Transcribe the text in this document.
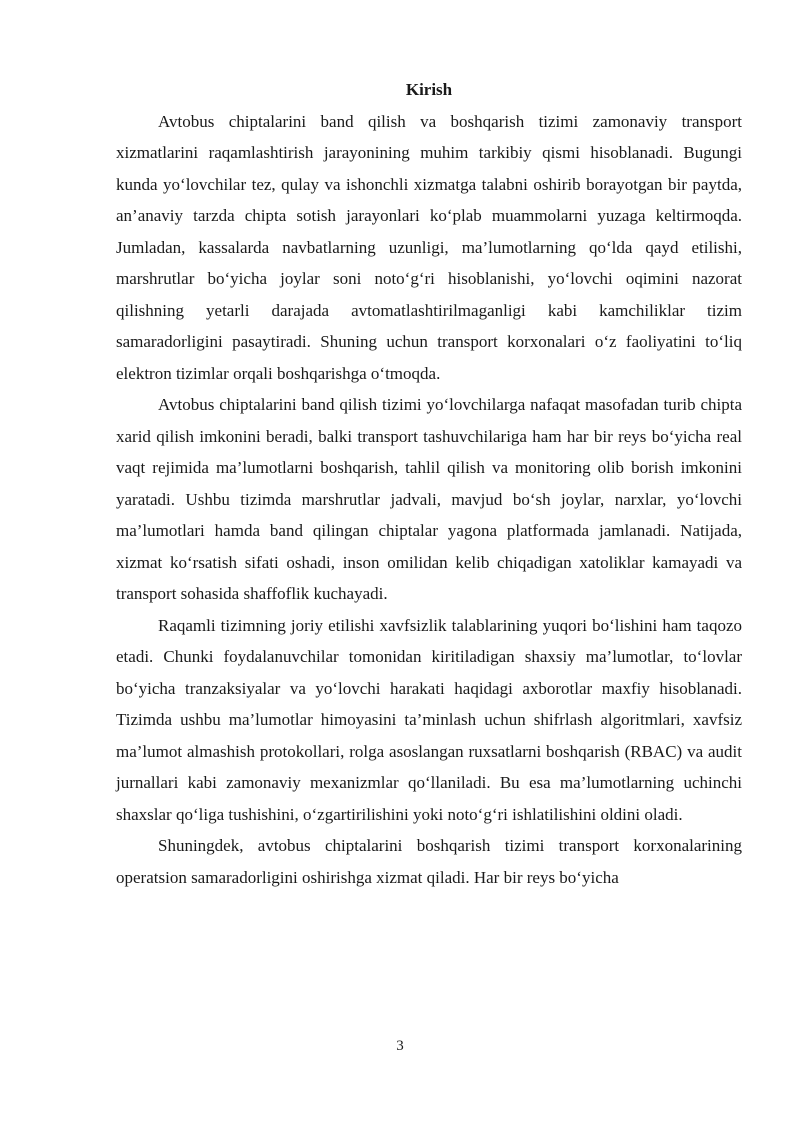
Kirish

Avtobus chiptalarini band qilish va boshqarish tizimi zamonaviy transport xizmatlarini raqamlashtirish jarayonining muhim tarkibiy qismi hisoblanadi. Bugungi kunda yo‘lovchilar tez, qulay va ishonchli xizmatga talabni oshirib borayotgan bir paytda, an’anaviy tarzda chipta sotish jarayonlari ko‘plab muammolarni yuzaga keltirmoqda. Jumladan, kassalarda navbatlarning uzunligi, ma’lumotlarning qo‘lda qayd etilishi, marshrutlar bo‘yicha joylar soni noto‘g‘ri hisoblanishi, yo‘lovchi oqimini nazorat qilishning yetarli darajada avtomatlashtirilmaganligi kabi kamchiliklar tizim samaradorligini pasaytiradi. Shuning uchun transport korxonalari o‘z faoliyatini to‘liq elektron tizimlar orqali boshqarishga o‘tmoqda.

Avtobus chiptalarini band qilish tizimi yo‘lovchilarga nafaqat masofadan turib chipta xarid qilish imkonini beradi, balki transport tashuvchilariga ham har bir reys bo‘yicha real vaqt rejimida ma’lumotlarni boshqarish, tahlil qilish va monitoring olib borish imkonini yaratadi. Ushbu tizimda marshrutlar jadvali, mavjud bo‘sh joylar, narxlar, yo‘lovchi ma’lumotlari hamda band qilingan chiptalar yagona platformada jamlanadi. Natijada, xizmat ko‘rsatish sifati oshadi, inson omilidan kelib chiqadigan xatoliklar kamayadi va transport sohasida shaffoflik kuchayadi.

Raqamli tizimning joriy etilishi xavfsizlik talablarining yuqori bo‘lishini ham taqozo etadi. Chunki foydalanuvchilar tomonidan kiritiladigan shaxsiy ma’lumotlar, to‘lovlar bo‘yicha tranzaksiyalar va yo‘lovchi harakati haqidagi axborotlar maxfiy hisoblanadi. Tizimda ushbu ma’lumotlar himoyasini ta’minlash uchun shifrlash algoritmlari, xavfsiz ma’lumot almashish protokollari, rolga asoslangan ruxsatlarni boshqarish (RBAC) va audit jurnallari kabi zamonaviy mexanizmlar qo‘llaniladi. Bu esa ma’lumotlarning uchinchi shaxslar qo‘liga tushishini, o‘zgartirilishini yoki noto‘g‘ri ishlatilishini oldini oladi.

Shuningdek, avtobus chiptalarini boshqarish tizimi transport korxonalarining operatsion samaradorligini oshirishga xizmat qiladi. Har bir reys bo‘yicha

3
